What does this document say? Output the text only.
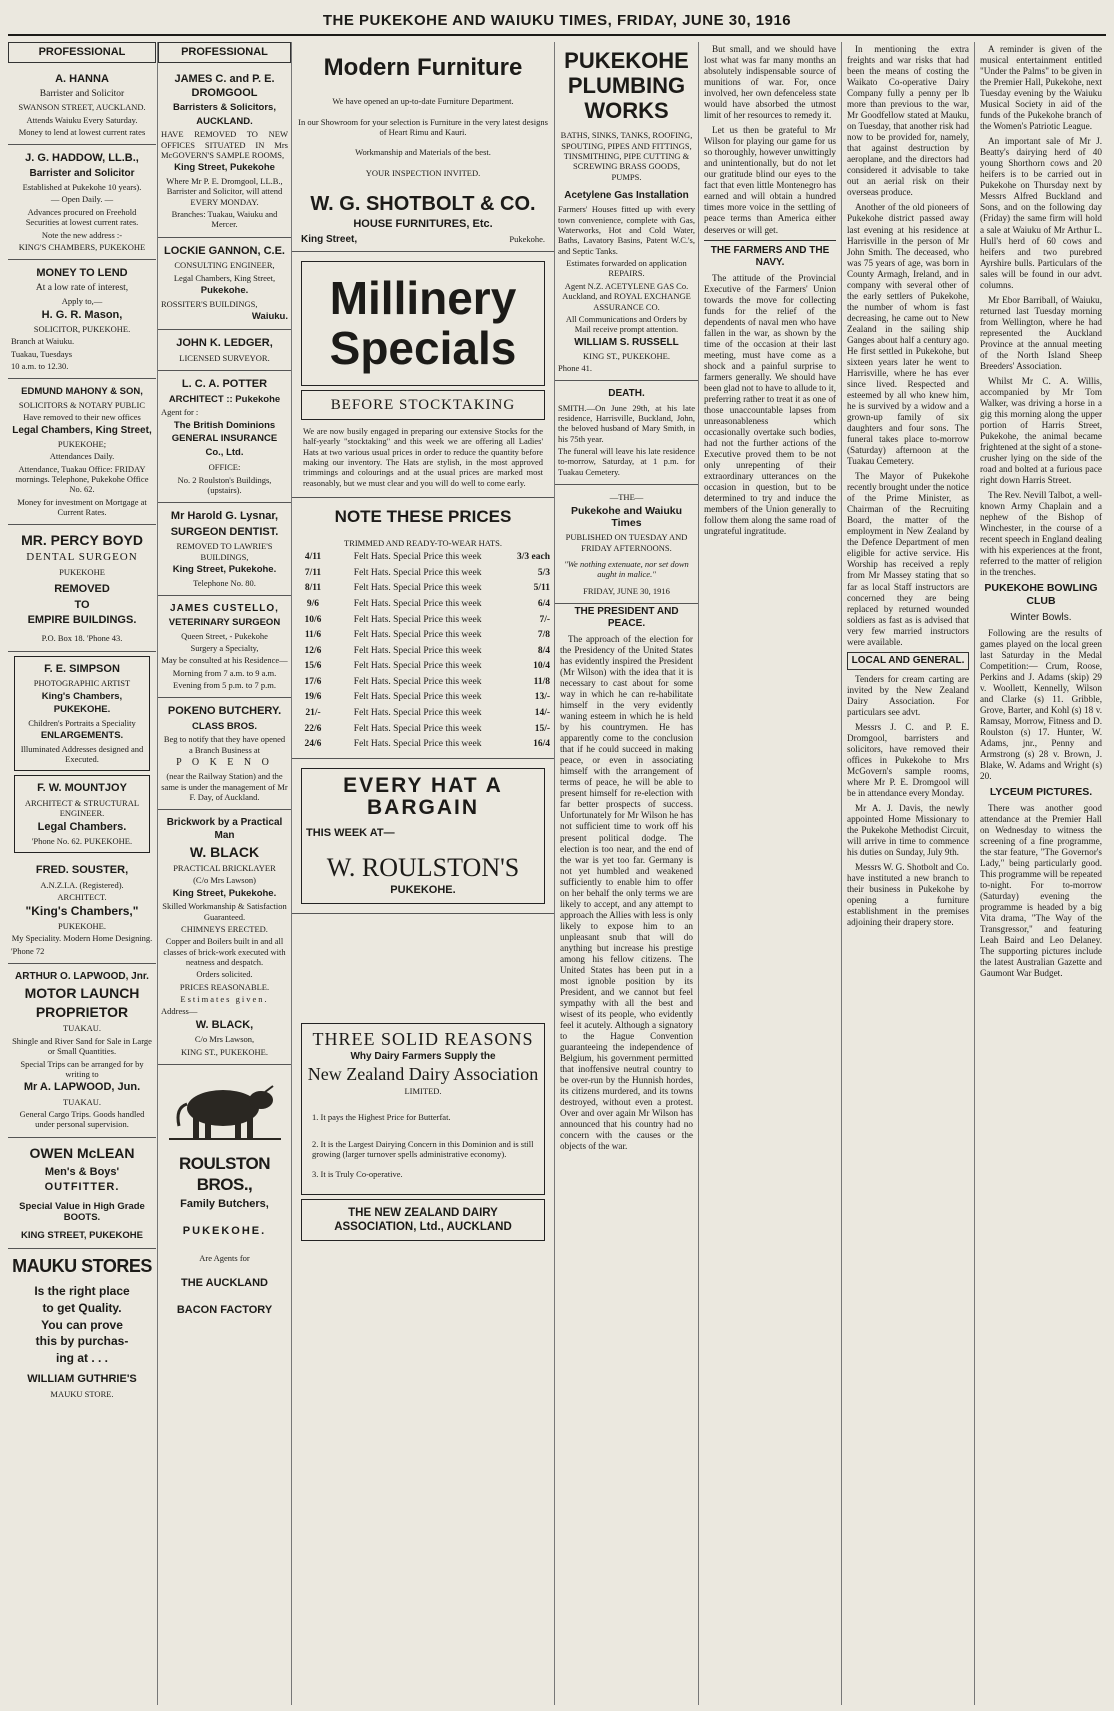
THE PUKEKOHE AND WAIUKU TIMES, FRIDAY, JUNE 30, 1916
PROFESSIONAL

A. HANNA

Barrister and Solicitor

SWANSON STREET, AUCKLAND.

Attends Waiuku Every Saturday.

Money to lend at lowest current rates

J. G. HADDOW, LL.B.,

Barrister and Solicitor

Established at Pukekohe 10 years).

— Open Daily. —

Advances procured on Freehold Securities at lowest current rates.

Note the new address :-

KING'S CHAMBERS, PUKEKOHE

MONEY TO LEND

At a low rate of interest,

Apply to,—

H. G. R. Mason,

SOLICITOR, PUKEKOHE.

Branch at Waiuku.

Tuakau, Tuesdays

10 a.m. to 12.30.

EDMUND MAHONY & SON,

SOLICITORS & NOTARY PUBLIC

Have removed to their new offices

Legal Chambers, King Street,

PUKEKOHE;

Attendances Daily.

Attendance, Tuakau Office: FRIDAY mornings. Telephone, Pukekohe Office No. 62.

Money for investment on Mortgage at Current Rates.

MR. PERCY BOYD

DENTAL SURGEON

PUKEKOHE

REMOVED

TO

EMPIRE BUILDINGS.

P.O. Box 18. 'Phone 43.

F. E. SIMPSON

PHOTOGRAPHIC ARTIST

King's Chambers,

PUKEKOHE.

Children's Portraits a Speciality

ENLARGEMENTS.

Illuminated Addresses designed and Executed.

F. W. MOUNTJOY

ARCHITECT & STRUCTURAL ENGINEER.

Legal Chambers.

'Phone No. 62. PUKEKOHE.

FRED. SOUSTER,

A.N.Z.I.A. (Registered).

ARCHITECT.

"King's Chambers,"

PUKEKOHE.

My Speciality. Modern Home Designing.

'Phone 72

ARTHUR O. LAPWOOD, Jnr.

MOTOR LAUNCH

PROPRIETOR

TUAKAU.

Shingle and River Sand for Sale in Large or Small Quantities.

Special Trips can be arranged for by writing to

Mr A. LAPWOOD, Jun.

TUAKAU.

General Cargo Trips. Goods handled under personal supervision.

OWEN McLEAN

Men's & Boys'

OUTFITTER.

Special Value in High Grade BOOTS.

KING STREET, PUKEKOHE

MAUKU STORES

Is the right place

to get Quality.

You can prove

this by purchas-

ing at . . .

WILLIAM GUTHRIE'S

MAUKU STORE.

PROFESSIONAL

JAMES C. and P. E. DROMGOOL

Barristers & Solicitors,

AUCKLAND.

HAVE REMOVED TO NEW OFFICES SITUATED IN Mrs McGOVERN'S SAMPLE ROOMS,

King Street, Pukekohe

Where Mr P. E. Dromgool, LL.B., Barrister and Solicitor, will attend EVERY MONDAY.

Branches: Tuakau, Waiuku and Mercer.

LOCKIE GANNON, C.E.

CONSULTING ENGINEER,

Legal Chambers, King Street,

Pukekohe.

ROSSITER'S BUILDINGS,

Waiuku.

JOHN K. LEDGER,

LICENSED SURVEYOR.

L. C. A. POTTER

ARCHITECT :: Pukekohe

Agent for :

The British Dominions

GENERAL INSURANCE

Co., Ltd.

OFFICE:

No. 2 Roulston's Buildings, (upstairs).

Mr Harold G. Lysnar,

SURGEON DENTIST.

REMOVED TO LAWRIE'S BUILDINGS,

King Street, Pukekohe.

Telephone No. 80.

JAMES CUSTELLO,

VETERINARY SURGEON

Queen Street, - Pukekohe

Surgery a Specialty,

May be consulted at his Residence—

Morning from 7 a.m. to 9 a.m.

Evening from 5 p.m. to 7 p.m.

POKENO BUTCHERY.

CLASS BROS.

Beg to notify that they have opened a Branch Business at

P O K E N O

(near the Railway Station) and the same is under the management of Mr F. Day, of Auckland.

Brickwork by a Practical Man

W. BLACK

PRACTICAL BRICKLAYER

(C/o Mrs Lawson)

King Street, Pukekohe.

Skilled Workmanship & Satisfaction Guaranteed.

CHIMNEYS ERECTED.

Copper and Boilers built in and all classes of brick-work executed with neatness and despatch.

Orders solicited.

PRICES REASONABLE.

Estimates given.

Address—

W. BLACK,

C/o Mrs Lawson,

KING ST., PUKEKOHE.

ROULSTON BROS.,

Family Butchers,

PUKEKOHE.

Are Agents for

THE AUCKLAND

BACON FACTORY

Modern Furniture

We have opened an up-to-date Furniture Department.

In our Showroom for your selection is Furniture in the very latest designs of Heart Rimu and Kauri.

Workmanship and Materials of the best.

YOUR INSPECTION INVITED.

W. G. SHOTBOLT & CO.

HOUSE FURNITURES, Etc.

King Street,	Pukekohe.

Millinery

Specials

BEFORE STOCKTAKING

We are now busily engaged in preparing our extensive Stocks for the half-yearly "stocktaking" and this week we are offering all Ladies' Hats at two various usual prices in order to reduce the quantity before making our inventory. The Hats are stylish, in the most approved trimmings and colourings and at the usual prices are marked most reasonably, but we must clear and you will do well to come early.

NOTE THESE PRICES

TRIMMED AND READY-TO-WEAR HATS.

4/11	Felt Hats. Special Price this week	3/3 each
7/11	Felt Hats. Special Price this week	5/3
8/11	Felt Hats. Special Price this week	5/11
9/6	Felt Hats. Special Price this week	6/4
10/6	Felt Hats. Special Price this week	7/-
11/6	Felt Hats. Special Price this week	7/8
12/6	Felt Hats. Special Price this week	8/4
15/6	Felt Hats. Special Price this week	10/4
17/6	Felt Hats. Special Price this week	11/8
19/6	Felt Hats. Special Price this week	13/-
21/-	Felt Hats. Special Price this week	14/-
22/6	Felt Hats. Special Price this week	15/-
24/6	Felt Hats. Special Price this week	16/4

EVERY HAT A BARGAIN

THIS WEEK AT—

W. ROULSTON'S

PUKEKOHE.

THREE SOLID REASONS

Why Dairy Farmers Supply the

New Zealand Dairy Association

LIMITED.

1. It pays the Highest Price for Butterfat.

2. It is the Largest Dairying Concern in this Dominion and is still growing (larger turnover spells administrative economy).

3. It is Truly Co-operative.

THE NEW ZEALAND DAIRY ASSOCIATION, Ltd., AUCKLAND

PUKEKOHE

PLUMBING

WORKS

BATHS, SINKS, TANKS, ROOFING, SPOUTING, PIPES AND FITTINGS, TINSMITHING, PIPE CUTTING & SCREWING BRASS GOODS, PUMPS.

Acetylene Gas Installation

Farmers' Houses fitted up with every town convenience, complete with Gas, Waterworks, Hot and Cold Water, Baths, Lavatory Basins, Patent W.C.'s, and Septic Tanks.

Estimates forwarded on application REPAIRS.

Agent N.Z. ACETYLENE GAS Co. Auckland, and ROYAL EXCHANGE ASSURANCE CO.

All Communications and Orders by Mail receive prompt attention.

WILLIAM S. RUSSELL

KING ST., PUKEKOHE.

Phone 41.

DEATH.

SMITH.—On June 29th, at his late residence, Harrisville, Buckland, John, the beloved husband of Mary Smith, in his 75th year.

The funeral will leave his late residence to-morrow, Saturday, at 1 p.m. for Tuakau Cemetery.

—THE—

Pukekohe and Waiuku Times

PUBLISHED ON TUESDAY AND FRIDAY AFTERNOONS.

"We nothing extenuate, nor set down aught in malice."

FRIDAY, JUNE 30, 1916

THE PRESIDENT AND PEACE.

The approach of the election for the Presidency of the United States has evidently inspired the President (Mr Wilson) with the idea that it is necessary to cast about for some way in which he can re-habilitate himself in the very evidently waning esteem in which he is held by his countrymen. He has apparently come to the conclusion that if he could succeed in making peace, or even in associating himself with the arrangement of terms of peace, he will be able to present himself for re-election with far better prospects of success. Unfortunately for Mr Wilson he has not sufficient time to work off his present political dodge. The election is too near, and the end of the war is yet too far. Germany is not yet humbled and weakened sufficiently to enable him to offer on her behalf the only terms we are likely to accept, and any attempt to approach the Allies with less is only likely to expose him to an unpleasant snub that will do anything but increase his prestige among his fellow citizens. The United States has been put in a most ignoble position by its President, and we cannot but feel sympathy with all the best and wisest of its people, who evidently feel it acutely. Although a signatory to the Hague Convention guaranteeing the independence of Belgium, his government permitted that inoffensive neutral country to be over-run by the Hunnish hordes, its citizens murdered, and its towns destroyed, without even a protest. Over and over again Mr Wilson has announced that his country had no concern with the causes or the objects of the war.

But small, and we should have lost what was far many months an absolutely indispensable source of munitions of war. For, once involved, her own defenceless state would have absorbed the utmost limit of her resources to remedy it.

Let us then be grateful to Mr Wilson for playing our game for us so thoroughly, however unwittingly and unintentionally, but do not let our gratitude blind our eyes to the fact that even little Montenegro has earned and will obtain a hundred times more voice in the settling of peace terms than America either deserves or will get.

THE FARMERS AND THE NAVY.

The attitude of the Provincial Executive of the Farmers' Union towards the move for collecting funds for the relief of the dependents of naval men who have fallen in the war, as shown by the time of the occasion at their last meeting, must have come as a shock and a painful surprise to farmers generally. We should have been glad not to have to allude to it, preferring rather to treat it as one of those unaccountable lapses from unreasonableness which occasionally overtake such bodies, had not the further actions of the Executive proved them to be not only unrepenting of their extraordinary utterances on the occasion in question, but to be determined to try and induce the members of the Union generally to follow them along the same road of ungrateful ingratitude.

In mentioning the extra freights and war risks that had been the means of costing the Waikato Co-operative Dairy Company fully a penny per lb more than previous to the war, Mr Goodfellow stated at Mauku, on Tuesday, that another risk had now to be provided for, namely, that against destruction by aeroplane, and the directors had considered it advisable to take out an aerial risk on their overseas produce.

Another of the old pioneers of Pukekohe district passed away last evening at his residence at Harrisville in the person of Mr John Smith. The deceased, who was 75 years of age, was born in County Armagh, Ireland, and in company with several other of the early settlers of Pukekohe, the number of whom is fast decreasing, he came out to New Zealand in the sailing ship Ganges about half a century ago. He first settled in Pukekohe, but sixteen years later he went to Harrisville, where he has ever since lived. Respected and esteemed by all who knew him, he is survived by a widow and a grown-up family of six daughters and four sons. The funeral takes place to-morrow (Saturday) afternoon at the Tuakau Cemetery.

The Mayor of Pukekohe recently brought under the notice of the Prime Minister, as Chairman of the Recruiting Board, the matter of the employment in New Zealand by the Defence Department of men eligible for active service. His Worship has received a reply from Mr Massey stating that so far as local Staff instructors are concerned they are being replaced by returned wounded soldiers as fast as is advised that very few married instructors were available.

LOCAL AND GENERAL.

Tenders for cream carting are invited by the New Zealand Dairy Association. For particulars see advt.

Messrs J. C. and P. E. Dromgool, barristers and solicitors, have removed their offices in Pukekohe to Mrs McGovern's sample rooms, where Mr P. E. Dromgool will be in attendance every Monday.

Mr A. J. Davis, the newly appointed Home Missionary to the Pukekohe Methodist Circuit, will arrive in time to commence his duties on Sunday, July 9th.

Messrs W. G. Shotbolt and Co. have instituted a new branch to their business in Pukekohe by opening a furniture establishment in the premises adjoining their drapery store.

A reminder is given of the musical entertainment entitled "Under the Palms" to be given in the Premier Hall, Pukekohe, next Tuesday evening by the Waiuku Musical Society in aid of the funds of the Pukekohe branch of the Women's Patriotic League.

An important sale of Mr J. Beatty's dairying herd of 40 young Shorthorn cows and 20 heifers is to be carried out in Pukekohe on Thursday next by Messrs Alfred Buckland and Sons, and on the following day (Friday) the same firm will hold a sale at Waiuku of Mr Arthur L. Hull's herd of 60 cows and heifers and two purebred Ayrshire bulls. Particulars of the sales will be found in our advt. columns.

Mr Ebor Barriball, of Waiuku, returned last Tuesday morning from Wellington, where he had represented the Auckland Province at the annual meeting of the North Island Sheep Breeders' Association.

Whilst Mr C. A. Willis, accompanied by Mr Tom Walker, was driving a horse in a gig this morning along the upper portion of Harris Street, Pukekohe, the animal became frightened at the sight of a stone-crusher lying on the side of the road and bolted at a furious pace right down Harris Street.

The Rev. Nevill Talbot, a well-known Army Chaplain and a nephew of the Bishop of Winchester, in the course of a recent speech in England dealing with his experiences at the front, referred to the matter of religion in the trenches.

PUKEKOHE BOWLING CLUB

Winter Bowls.

Following are the results of games played on the local green last Saturday in the Medal Competition:— Crum, Roose, Perkins and J. Adams (skip) 29 v. Woollett, Kennelly, Wilson and Clarke (s) 11. Gribble, Grove, Barter, and Kohl (s) 18 v. Ramsay, Morrow, Fitness and D. Roulston (s) 17. Hunter, W. Adams, jnr., Penny and Armstrong (s) 28 v. Brown, J. Blake, W. Adams and Wright (s) 20.

LYCEUM PICTURES.

There was another good attendance at the Premier Hall on Wednesday to witness the screening of a fine programme, the star feature, "The Governor's Lady," being particularly good. This programme will be repeated to-night. For to-morrow (Saturday) evening the programme is headed by a big Vita drama, "The Way of the Transgressor," and featuring Leah Baird and Leo Delaney. The supporting pictures include the latest Australian Gazette and Gaumont War Budget.
